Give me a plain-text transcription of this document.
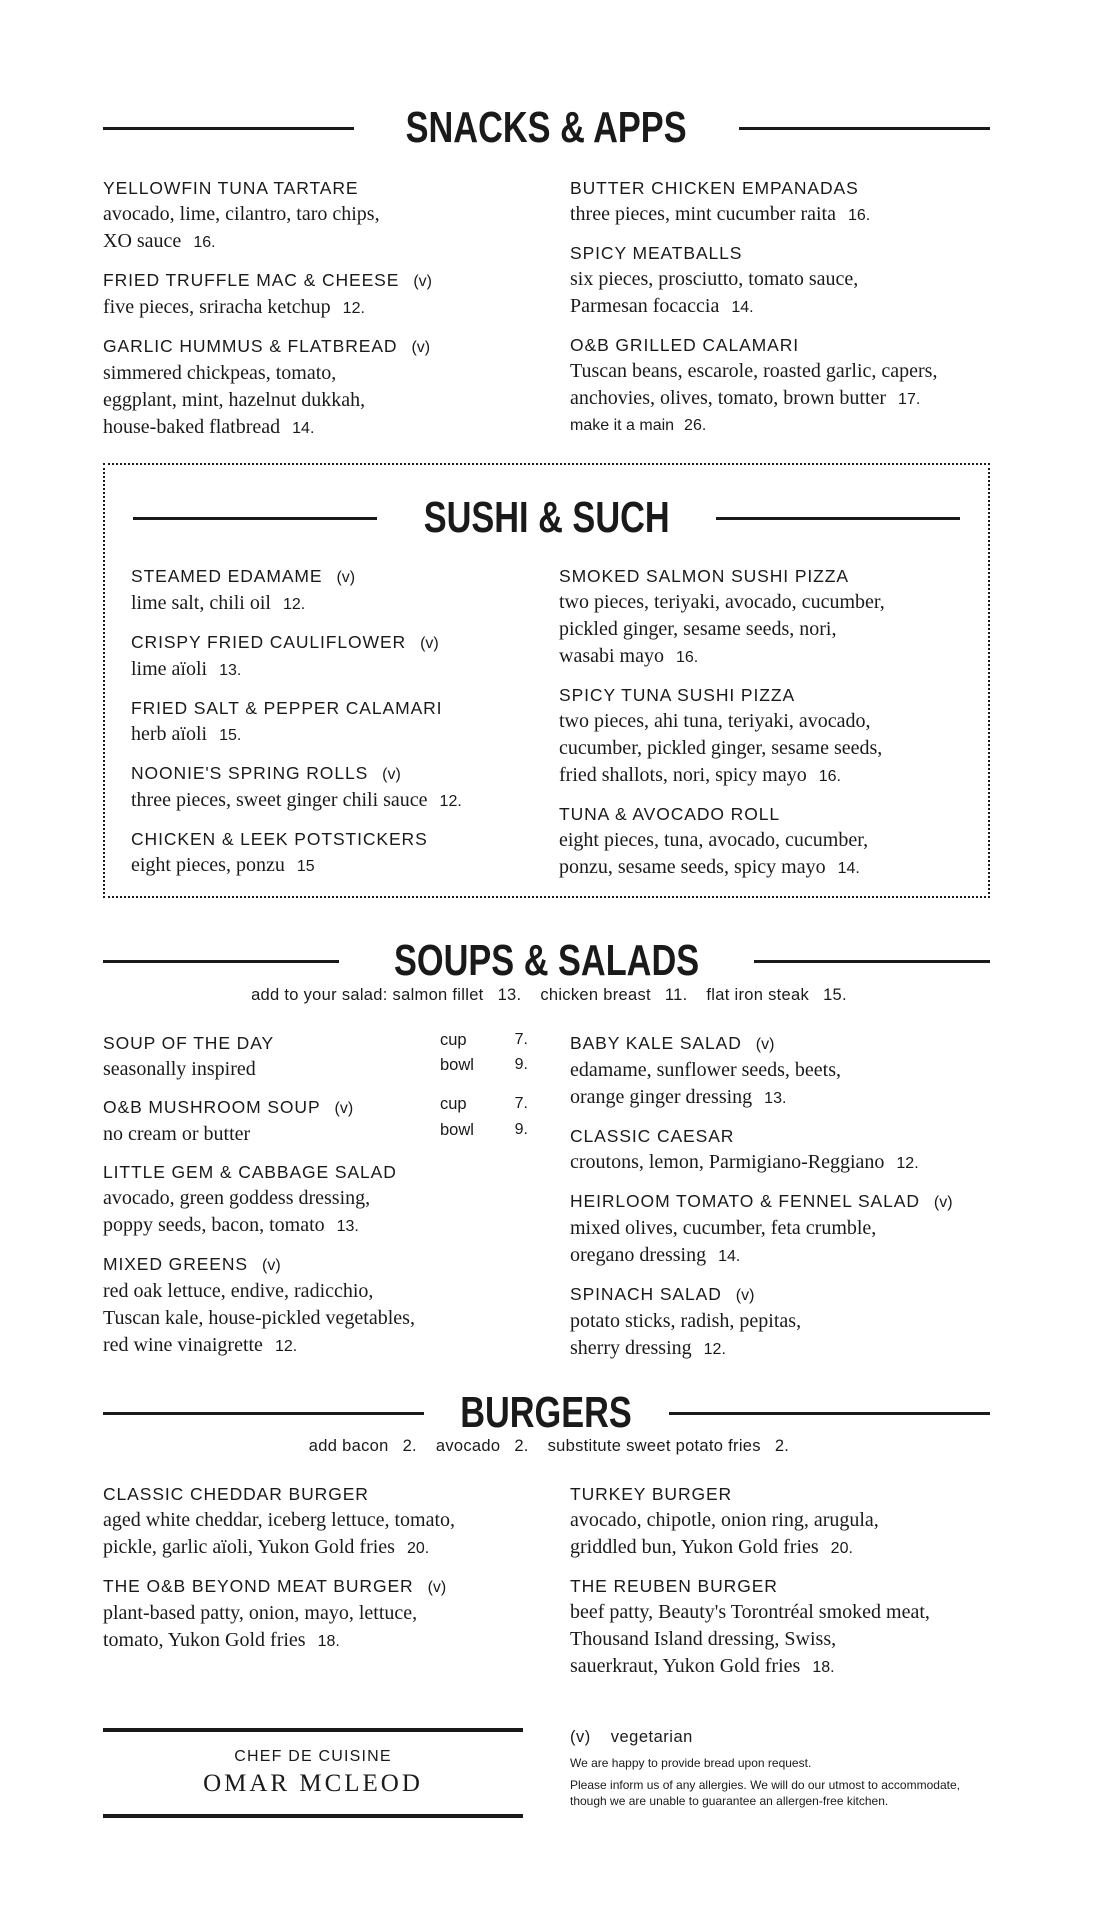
SNACKS & APPS
YELLOWFIN TUNA TARTARE
avocado, lime, cilantro, taro chips,
XO sauce 16.
FRIED TRUFFLE MAC & CHEESE (v)
five pieces, sriracha ketchup 12.
GARLIC HUMMUS & FLATBREAD (v)
simmered chickpeas, tomato,
eggplant, mint, hazelnut dukkah,
house-baked flatbread 14.
BUTTER CHICKEN EMPANADAS
three pieces, mint cucumber raita 16.
SPICY MEATBALLS
six pieces, prosciutto, tomato sauce,
Parmesan focaccia 14.
O&B GRILLED CALAMARI
Tuscan beans, escarole, roasted garlic, capers,
anchovies, olives, tomato, brown butter 17.
make it a main 26.
SUSHI & SUCH
STEAMED EDAMAME (v)
lime salt, chili oil 12.
CRISPY FRIED CAULIFLOWER (v)
lime aïoli 13.
FRIED SALT & PEPPER CALAMARI
herb aïoli 15.
NOONIE'S SPRING ROLLS (v)
three pieces, sweet ginger chili sauce 12.
CHICKEN & LEEK POTSTICKERS
eight pieces, ponzu 15
SMOKED SALMON SUSHI PIZZA
two pieces, teriyaki, avocado, cucumber,
pickled ginger, sesame seeds, nori,
wasabi mayo 16.
SPICY TUNA SUSHI PIZZA
two pieces, ahi tuna, teriyaki, avocado,
cucumber, pickled ginger, sesame seeds,
fried shallots, nori, spicy mayo 16.
TUNA & AVOCADO ROLL
eight pieces, tuna, avocado, cucumber,
ponzu, sesame seeds, spicy mayo 14.
SOUPS & SALADS
add to your salad: salmon fillet 13. chicken breast 11. flat iron steak 15.
SOUP OF THE DAY	cup	7.
seasonally inspired	bowl	9.
O&B MUSHROOM SOUP (v)	cup	7.
no cream or butter	bowl	9.
LITTLE GEM & CABBAGE SALAD
avocado, green goddess dressing,
poppy seeds, bacon, tomato 13.
MIXED GREENS (v)
red oak lettuce, endive, radicchio,
Tuscan kale, house-pickled vegetables,
red wine vinaigrette 12.
BABY KALE SALAD (v)
edamame, sunflower seeds, beets,
orange ginger dressing 13.
CLASSIC CAESAR
croutons, lemon, Parmigiano-Reggiano 12.
HEIRLOOM TOMATO & FENNEL SALAD (v)
mixed olives, cucumber, feta crumble,
oregano dressing 14.
SPINACH SALAD (v)
potato sticks, radish, pepitas,
sherry dressing 12.
BURGERS
add bacon 2. avocado 2. substitute sweet potato fries 2.
CLASSIC CHEDDAR BURGER
aged white cheddar, iceberg lettuce, tomato,
pickle, garlic aïoli, Yukon Gold fries 20.
THE O&B BEYOND MEAT BURGER (v)
plant-based patty, onion, mayo, lettuce,
tomato, Yukon Gold fries 18.
TURKEY BURGER
avocado, chipotle, onion ring, arugula,
griddled bun, Yukon Gold fries 20.
THE REUBEN BURGER
beef patty, Beauty's Torontréal smoked meat,
Thousand Island dressing, Swiss,
sauerkraut, Yukon Gold fries 18.
CHEF DE CUISINE
OMAR MCLEOD
(v) vegetarian
We are happy to provide bread upon request.
Please inform us of any allergies. We will do our utmost to accommodate,
though we are unable to guarantee an allergen-free kitchen.
